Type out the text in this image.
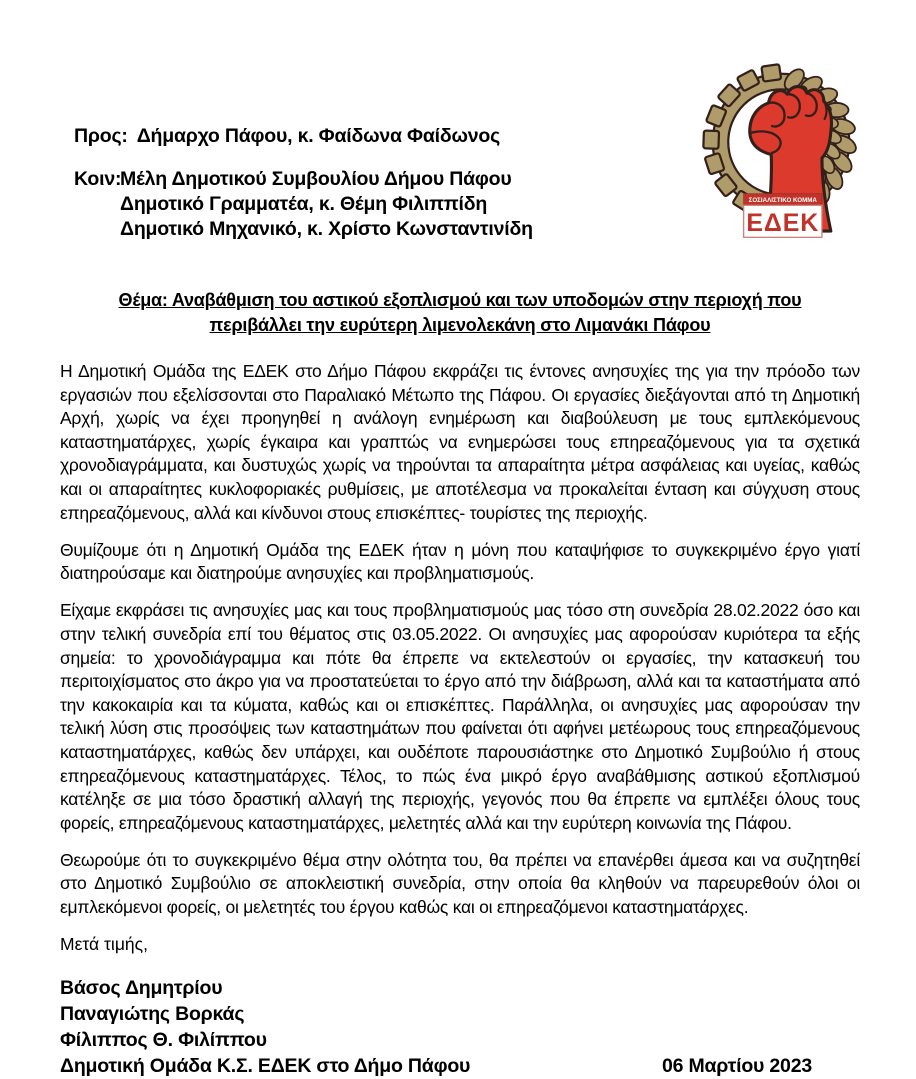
ΣΟΣΙΑΛΙΣΤΙΚΟ ΚΟΜΜΑ
ΕΔΕΚ
Προς: Δήμαρχο Πάφου, κ. Φαίδωνα Φαίδωνος
Κοιν:
Μέλη Δημοτικού Συμβουλίου Δήμου Πάφου
Δημοτικό Γραμματέα, κ. Θέμη Φιλιππίδη
Δημοτικό Μηχανικό, κ. Χρίστο Κωνσταντινίδη
Θέμα: Αναβάθμιση του αστικού εξοπλισμού και των υποδομών στην περιοχή που
περιβάλλει την ευρύτερη λιμενολεκάνη στο Λιμανάκι Πάφου

Η Δημοτική Ομάδα της ΕΔΕΚ στο Δήμο Πάφου εκφράζει τις έντονες ανησυχίες της για την πρόοδο των εργασιών που εξελίσσονται στο Παραλιακό Μέτωπο της Πάφου. Οι εργασίες διεξάγονται από τη Δημοτική Αρχή, χωρίς να έχει προηγηθεί η ανάλογη ενημέρωση και διαβούλευση με τους εμπλεκόμενους καταστηματάρχες, χωρίς έγκαιρα και γραπτώς να ενημερώσει τους επηρεαζόμενους για τα σχετικά χρονοδιαγράμματα, και δυστυχώς χωρίς να τηρούνται τα απαραίτητα μέτρα ασφάλειας και υγείας, καθώς και οι απαραίτητες κυκλοφοριακές ρυθμίσεις, με αποτέλεσμα να προκαλείται ένταση και σύγχυση στους επηρεαζόμενους, αλλά και κίνδυνοι στους επισκέπτες- τουρίστες της περιοχής.

Θυμίζουμε ότι η Δημοτική Ομάδα της ΕΔΕΚ ήταν η μόνη που καταψήφισε το συγκεκριμένο έργο γιατί διατηρούσαμε και διατηρούμε ανησυχίες και προβληματισμούς.

Είχαμε εκφράσει τις ανησυχίες μας και τους προβληματισμούς μας τόσο στη συνεδρία 28.02.2022 όσο και στην τελική συνεδρία επί του θέματος στις 03.05.2022. Οι ανησυχίες μας αφορούσαν κυριότερα τα εξής σημεία: το χρονοδιάγραμμα και πότε θα έπρεπε να εκτελεστούν οι εργασίες, την κατασκευή του περιτοιχίσματος στο άκρο για να προστατεύεται το έργο από την διάβρωση, αλλά και τα καταστήματα από την κακοκαιρία και τα κύματα, καθώς και οι επισκέπτες. Παράλληλα, οι ανησυχίες μας αφορούσαν την τελική λύση στις προσόψεις των καταστημάτων που φαίνεται ότι αφήνει μετέωρους τους επηρεαζόμενους καταστηματάρχες, καθώς δεν υπάρχει, και ουδέποτε παρουσιάστηκε στο Δημοτικό Συμβούλιο ή στους επηρεαζόμενους καταστηματάρχες. Τέλος, το πώς ένα μικρό έργο αναβάθμισης αστικού εξοπλισμού κατέληξε σε μια τόσο δραστική αλλαγή της περιοχής, γεγονός που θα έπρεπε να εμπλέξει όλους τους φορείς, επηρεαζόμενους καταστηματάρχες, μελετητές αλλά και την ευρύτερη κοινωνία της Πάφου.

Θεωρούμε ότι το συγκεκριμένο θέμα στην ολότητα του, θα πρέπει να επανέρθει άμεσα και να συζητηθεί στο Δημοτικό Συμβούλιο σε αποκλειστική συνεδρία, στην οποία θα κληθούν να παρευρεθούν όλοι οι εμπλεκόμενοι φορείς, οι μελετητές του έργου καθώς και οι επηρεαζόμενοι καταστηματάρχες.

Μετά τιμής,
Βάσος Δημητρίου
Παναγιώτης Βορκάς
Φίλιππος Θ. Φιλίππου
Δημοτική Ομάδα Κ.Σ. ΕΔΕΚ στο Δήμο Πάφου	06 Μαρτίου 2023
